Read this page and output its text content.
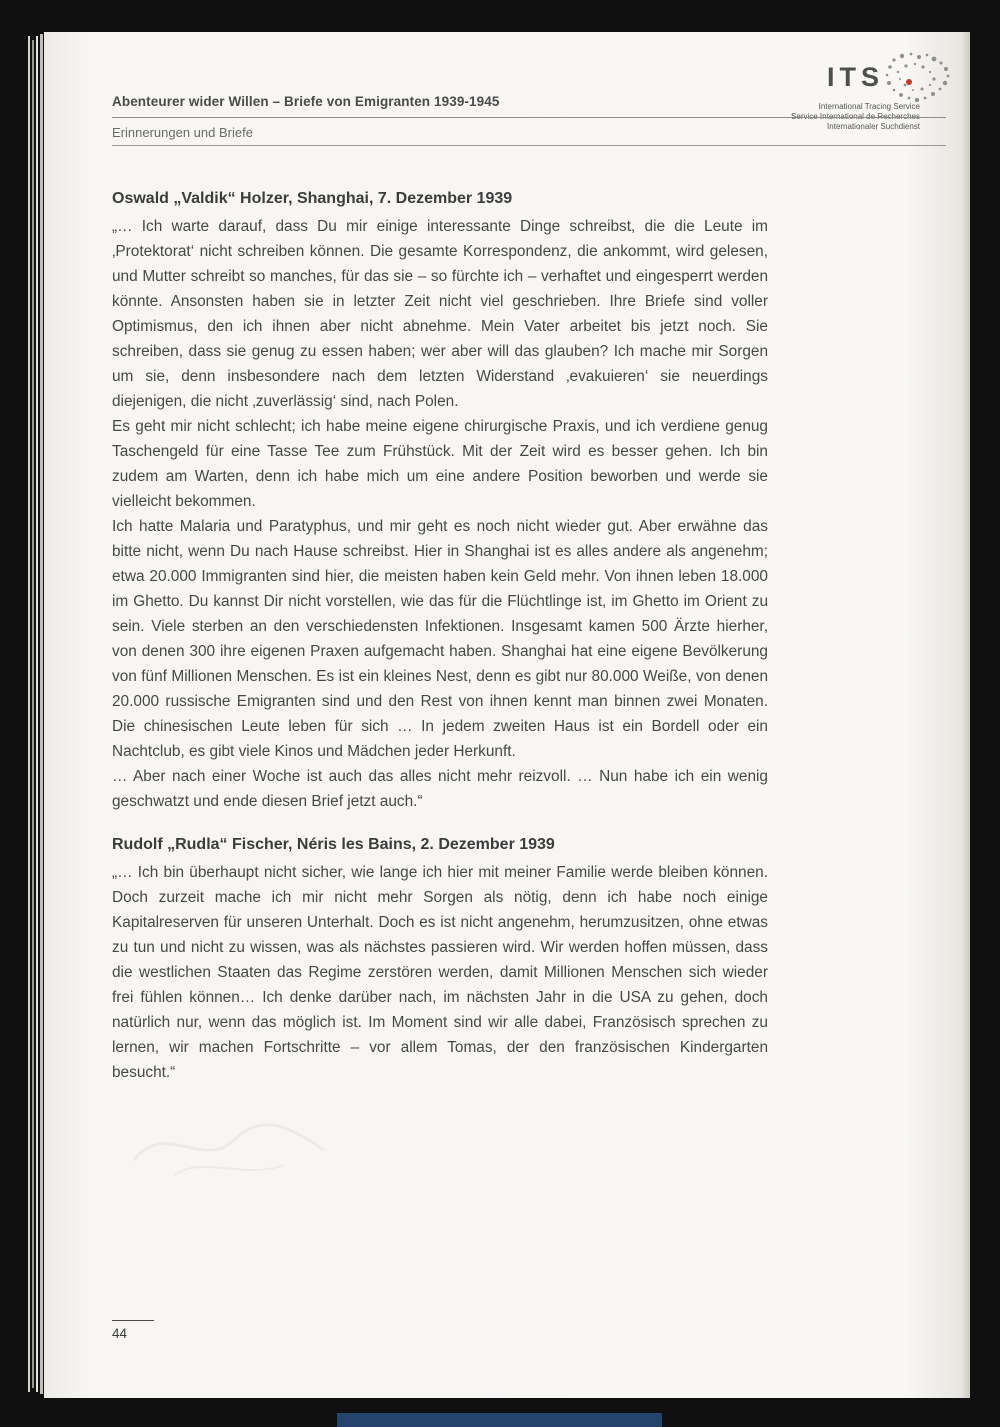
ITS
International Tracing Service
Internationaler Suchdienst
Abenteurer wider Willen – Briefe von Emigranten 1939-1945
Erinnerungen und Briefe
Oswald „Valdik“ Holzer, Shanghai, 7. Dezember 1939

„… Ich warte darauf, dass Du mir einige interessante Dinge schreibst, die die Leute im ‚Protektorat‘ nicht schreiben können. Die gesamte Korrespondenz, die ankommt, wird gelesen, und Mutter schreibt so manches, für das sie – so fürchte ich – verhaftet und eingesperrt werden könnte. Ansonsten haben sie in letzter Zeit nicht viel geschrieben. Ihre Briefe sind voller Optimismus, den ich ihnen aber nicht abnehme. Mein Vater arbeitet bis jetzt noch. Sie schreiben, dass sie genug zu essen haben; wer aber will das glauben? Ich mache mir Sorgen um sie, denn insbesondere nach dem letzten Widerstand ‚evakuieren‘ sie neuerdings diejenigen, die nicht ‚zuverlässig‘ sind, nach Polen.

Es geht mir nicht schlecht; ich habe meine eigene chirurgische Praxis, und ich verdiene genug Taschengeld für eine Tasse Tee zum Frühstück. Mit der Zeit wird es besser gehen. Ich bin zudem am Warten, denn ich habe mich um eine andere Position beworben und werde sie vielleicht bekommen.

Ich hatte Malaria und Paratyphus, und mir geht es noch nicht wieder gut. Aber erwähne das bitte nicht, wenn Du nach Hause schreibst. Hier in Shanghai ist es alles andere als angenehm; etwa 20.000 Immigranten sind hier, die meisten haben kein Geld mehr. Von ihnen leben 18.000 im Ghetto. Du kannst Dir nicht vorstellen, wie das für die Flüchtlinge ist, im Ghetto im Orient zu sein. Viele sterben an den verschiedensten Infektionen. Insgesamt kamen 500 Ärzte hierher, von denen 300 ihre eigenen Praxen aufgemacht haben. Shanghai hat eine eigene Bevölkerung von fünf Millionen Menschen. Es ist ein kleines Nest, denn es gibt nur 80.000 Weiße, von denen 20.000 russische Emigranten sind und den Rest von ihnen kennt man binnen zwei Monaten. Die chinesischen Leute leben für sich … In jedem zweiten Haus ist ein Bordell oder ein Nachtclub, es gibt viele Kinos und Mädchen jeder Herkunft.

… Aber nach einer Woche ist auch das alles nicht mehr reizvoll. … Nun habe ich ein wenig geschwatzt und ende diesen Brief jetzt auch.“

Rudolf „Rudla“ Fischer, Néris les Bains, 2. Dezember 1939

„… Ich bin überhaupt nicht sicher, wie lange ich hier mit meiner Familie werde bleiben können. Doch zurzeit mache ich mir nicht mehr Sorgen als nötig, denn ich habe noch einige Kapitalreserven für unseren Unterhalt. Doch es ist nicht angenehm, herumzusitzen, ohne etwas zu tun und nicht zu wissen, was als nächstes passieren wird. Wir werden hoffen müssen, dass die westlichen Staaten das Regime zerstören werden, damit Millionen Menschen sich wieder frei fühlen können… Ich denke darüber nach, im nächsten Jahr in die USA zu gehen, doch natürlich nur, wenn das möglich ist. Im Moment sind wir alle dabei, Französisch sprechen zu lernen, wir machen Fortschritte – vor allem Tomas, der den französischen Kindergarten besucht.“

44
